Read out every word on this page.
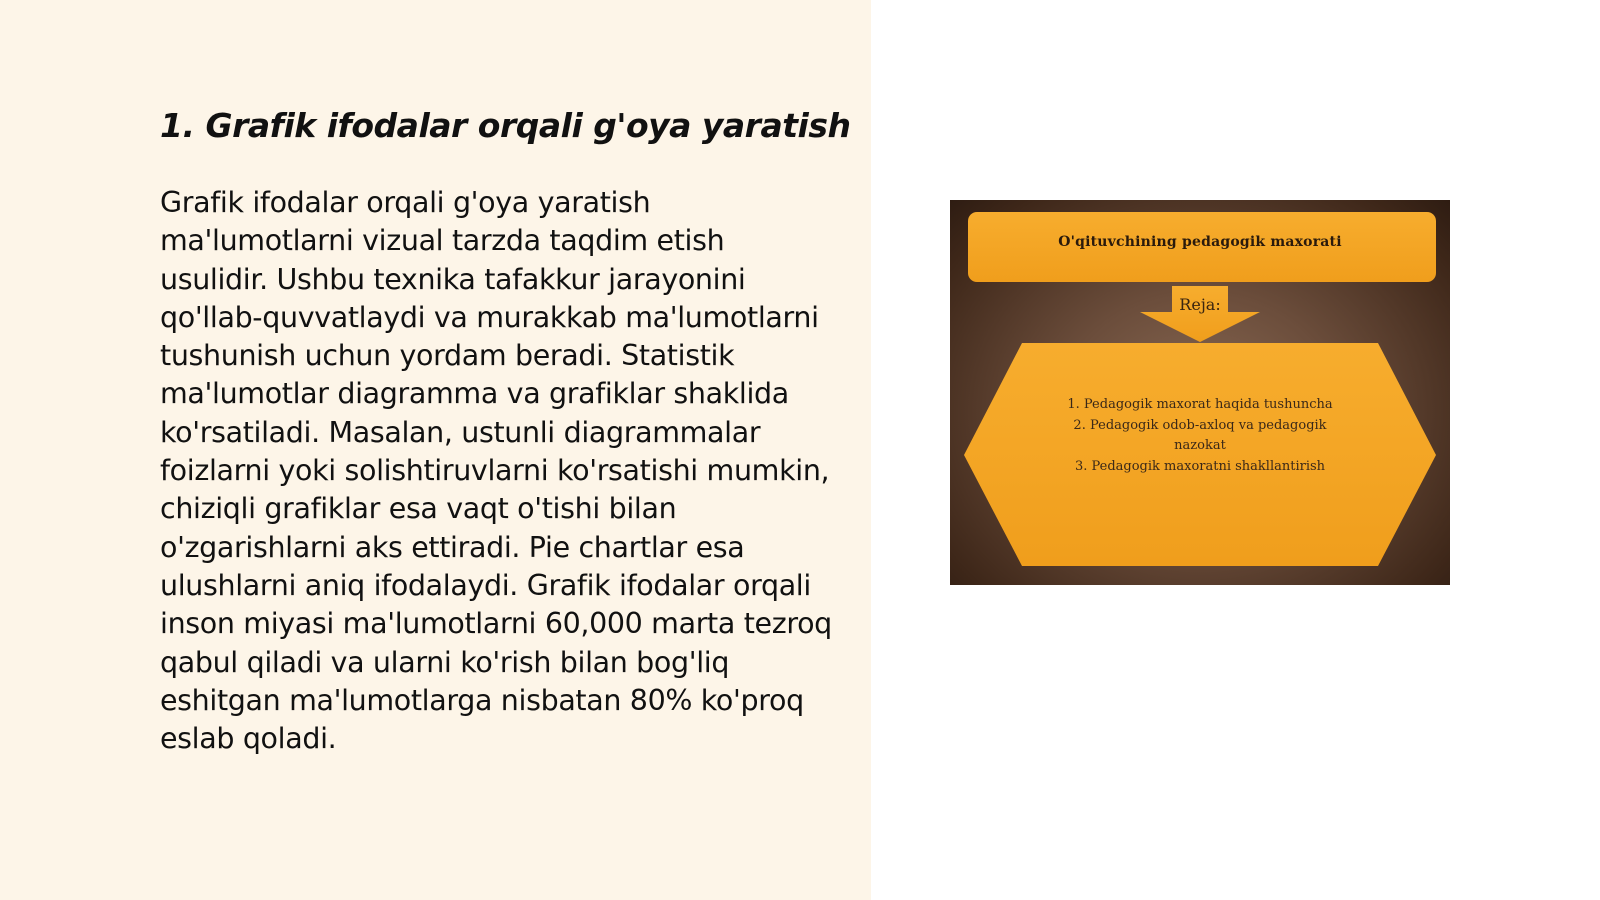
1. Grafik ifodalar orqali g'oya yaratish

Grafik ifodalar orqali g'oya yaratish ma'lumotlarni vizual tarzda taqdim etish usulidir. Ushbu texnika tafakkur jarayonini qo'llab-quvvatlaydi va murakkab ma'lumotlarni tushunish uchun yordam beradi. Statistik ma'lumotlar diagramma va grafiklar shaklida ko'rsatiladi. Masalan, ustunli diagrammalar foizlarni yoki solishtiruvlarni ko'rsatishi mumkin, chiziqli grafiklar esa vaqt o'tishi bilan o'zgarishlarni aks ettiradi. Pie chartlar esa ulushlarni aniq ifodalaydi. Grafik ifodalar orqali inson miyasi ma'lumotlarni 60,000 marta tezroq qabul qiladi va ularni ko'rish bilan bog'liq eshitgan ma'lumotlarga nisbatan 80% ko'proq eslab qoladi.

O'qituvchining pedagogik maxorati
Reja:
1. Pedagogik maxorat haqida tushuncha
2. Pedagogik odob-axloq va pedagogik nazokat
3. Pedagogik maxoratni shakllantirish
